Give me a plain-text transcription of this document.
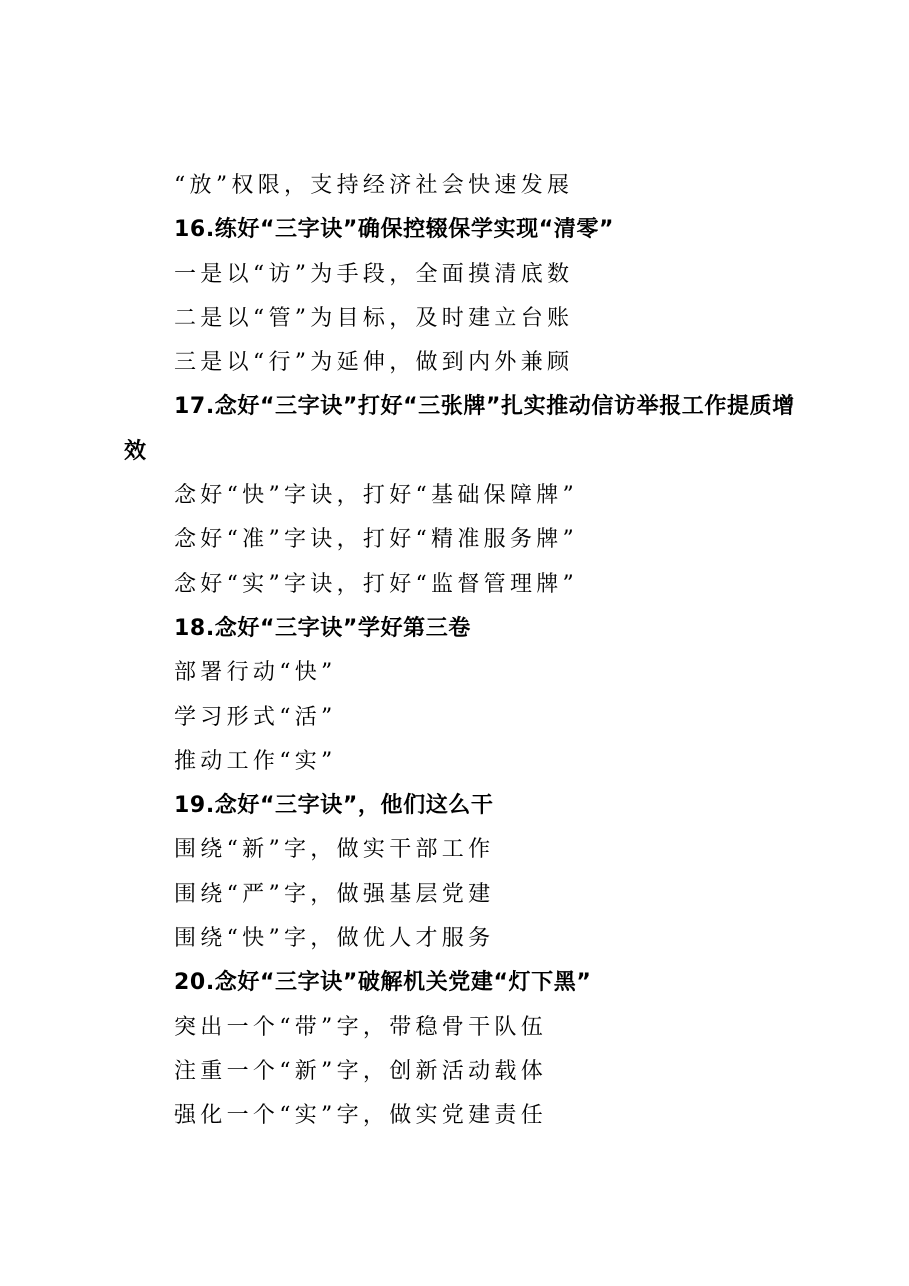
“放”权限，支持经济社会快速发展
16.练好“三字诀”确保控辍保学实现“清零”
一是以“访”为手段，全面摸清底数
二是以“管”为目标，及时建立台账
三是以“行”为延伸，做到内外兼顾
17.念好“三字诀”打好“三张牌”扎实推动信访举报工作提质增效
念好“快”字诀，打好“基础保障牌”
念好“准”字诀，打好“精准服务牌”
念好“实”字诀，打好“监督管理牌”
18.念好“三字诀”学好第三卷
部署行动“快”
学习形式“活”
推动工作“实”
19.念好“三字诀”，他们这么干
围绕“新”字，做实干部工作
围绕“严”字，做强基层党建
围绕“快”字，做优人才服务
20.念好“三字诀”破解机关党建“灯下黑”
突出一个“带”字，带稳骨干队伍
注重一个“新”字，创新活动载体
强化一个“实”字，做实党建责任
